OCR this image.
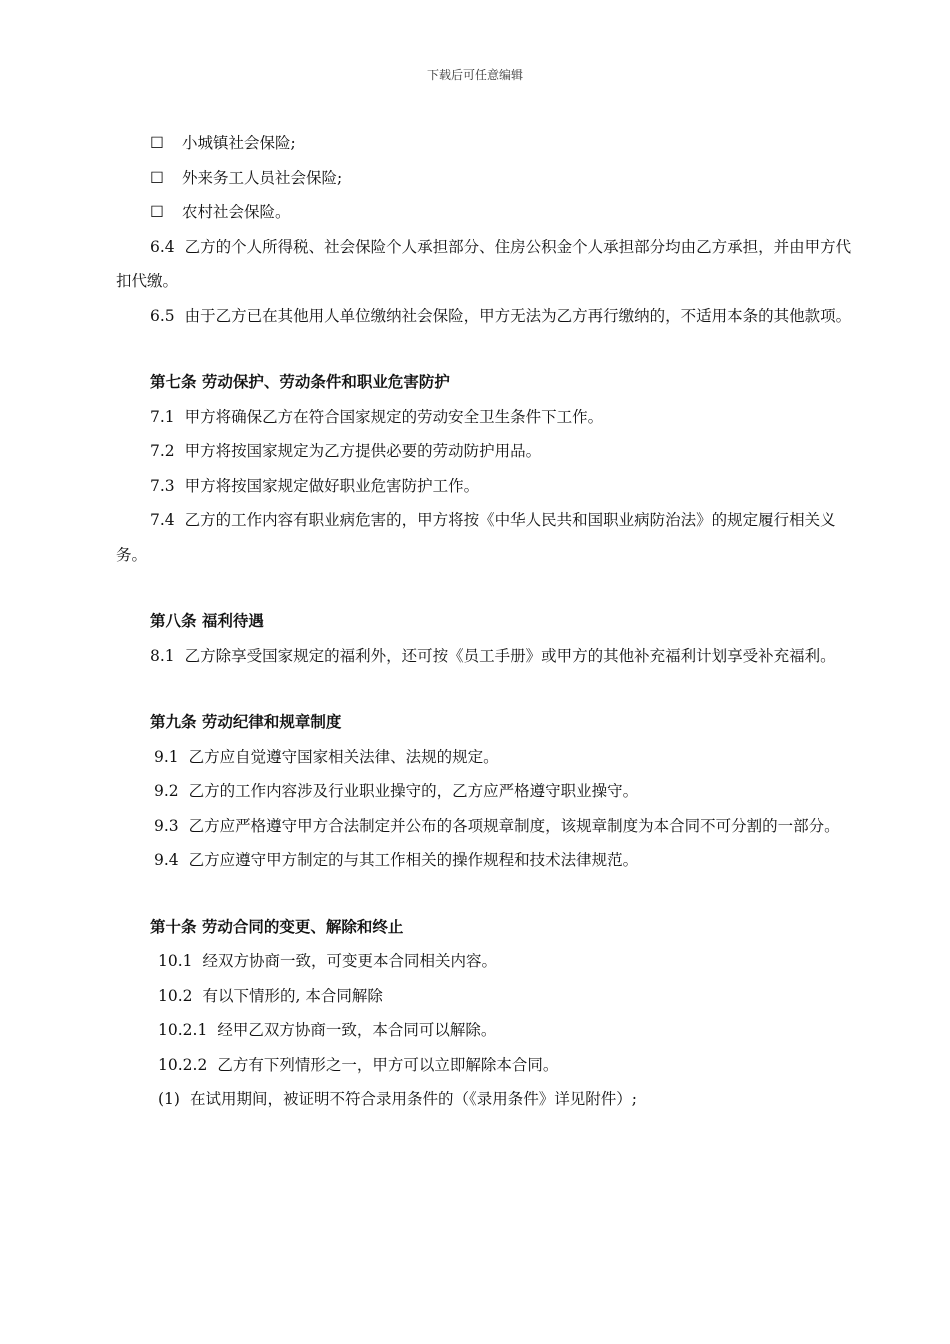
下载后可任意编辑

☐ 小城镇社会保险;

☐ 外来务工人员社会保险;

☐ 农村社会保险。

6.4 乙方的个人所得税、社会保险个人承担部分、住房公积金个人承担部分均由乙方承担，并由甲方代扣代缴。

6.5 由于乙方已在其他用人单位缴纳社会保险，甲方无法为乙方再行缴纳的，不适用本条的其他款项。

第七条 劳动保护、劳动条件和职业危害防护

7.1 甲方将确保乙方在符合国家规定的劳动安全卫生条件下工作。

7.2 甲方将按国家规定为乙方提供必要的劳动防护用品。

7.3 甲方将按国家规定做好职业危害防护工作。

7.4 乙方的工作内容有职业病危害的，甲方将按《中华人民共和国职业病防治法》的规定履行相关义务。

第八条 福利待遇

8.1 乙方除享受国家规定的福利外，还可按《员工手册》或甲方的其他补充福利计划享受补充福利。

第九条 劳动纪律和规章制度

9.1 乙方应自觉遵守国家相关法律、法规的规定。

9.2 乙方的工作内容涉及行业职业操守的，乙方应严格遵守职业操守。

9.3 乙方应严格遵守甲方合法制定并公布的各项规章制度，该规章制度为本合同不可分割的一部分。

9.4 乙方应遵守甲方制定的与其工作相关的操作规程和技术法律规范。

第十条 劳动合同的变更、解除和终止

10.1 经双方协商一致，可变更本合同相关内容。

10.2 有以下情形的, 本合同解除

10.2.1 经甲乙双方协商一致，本合同可以解除。

10.2.2 乙方有下列情形之一，甲方可以立即解除本合同。

(1) 在试用期间，被证明不符合录用条件的（《录用条件》详见附件）;
